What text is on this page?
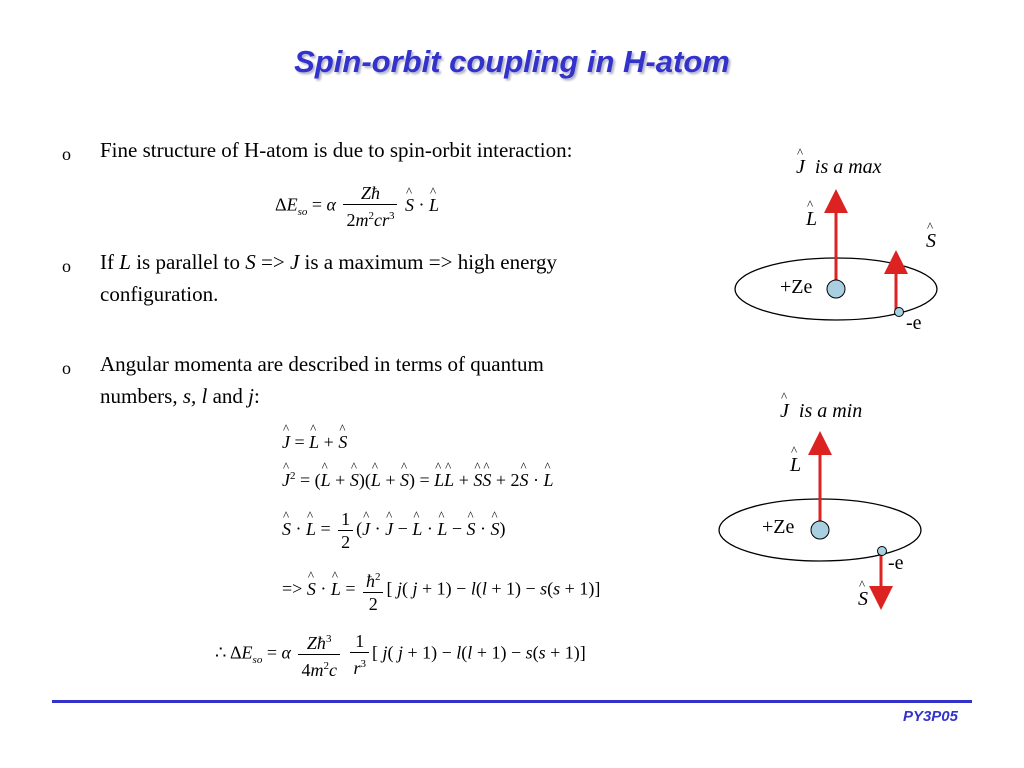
Spin-orbit coupling in H-atom
o Fine structure of H-atom is due to spin-orbit interaction:
$\Delta E_{so} = \alpha \frac{Zħ}{2m^2cr^3}$
^ S · ^ L
o If L is parallel to S => J is a maximum => high energy
configuration.
o Angular momenta are described in terms of quantum
numbers, s, l and j:
^ J = ^ L + ^ S
^ $J^2$ = (^ L + ^ S)(^ L + ^ S) = ^ L^ L + ^ S^ S + 2^ S · ^ L
^ S · ^ $L = \frac{1}{2}$ (^ J · ^ J − ^ L · ^ L − ^ S · ^ S)
=> ^ S · ^ $L = \frac{ħ^2}{2}$ [ j( j + 1) − l(l + 1) − s(s + 1)]
∴ $\Delta E_{so} = \alpha \frac{Zħ^3}{4m^2c}$
$\frac{1}{r^3}$ [ j( j + 1) − l(l + 1) − s(s + 1)]
^ J is a max
^ L
^ S
+Ze
-e
^ J is a min
^ L
^ S
+Ze
-e
PY3P05
